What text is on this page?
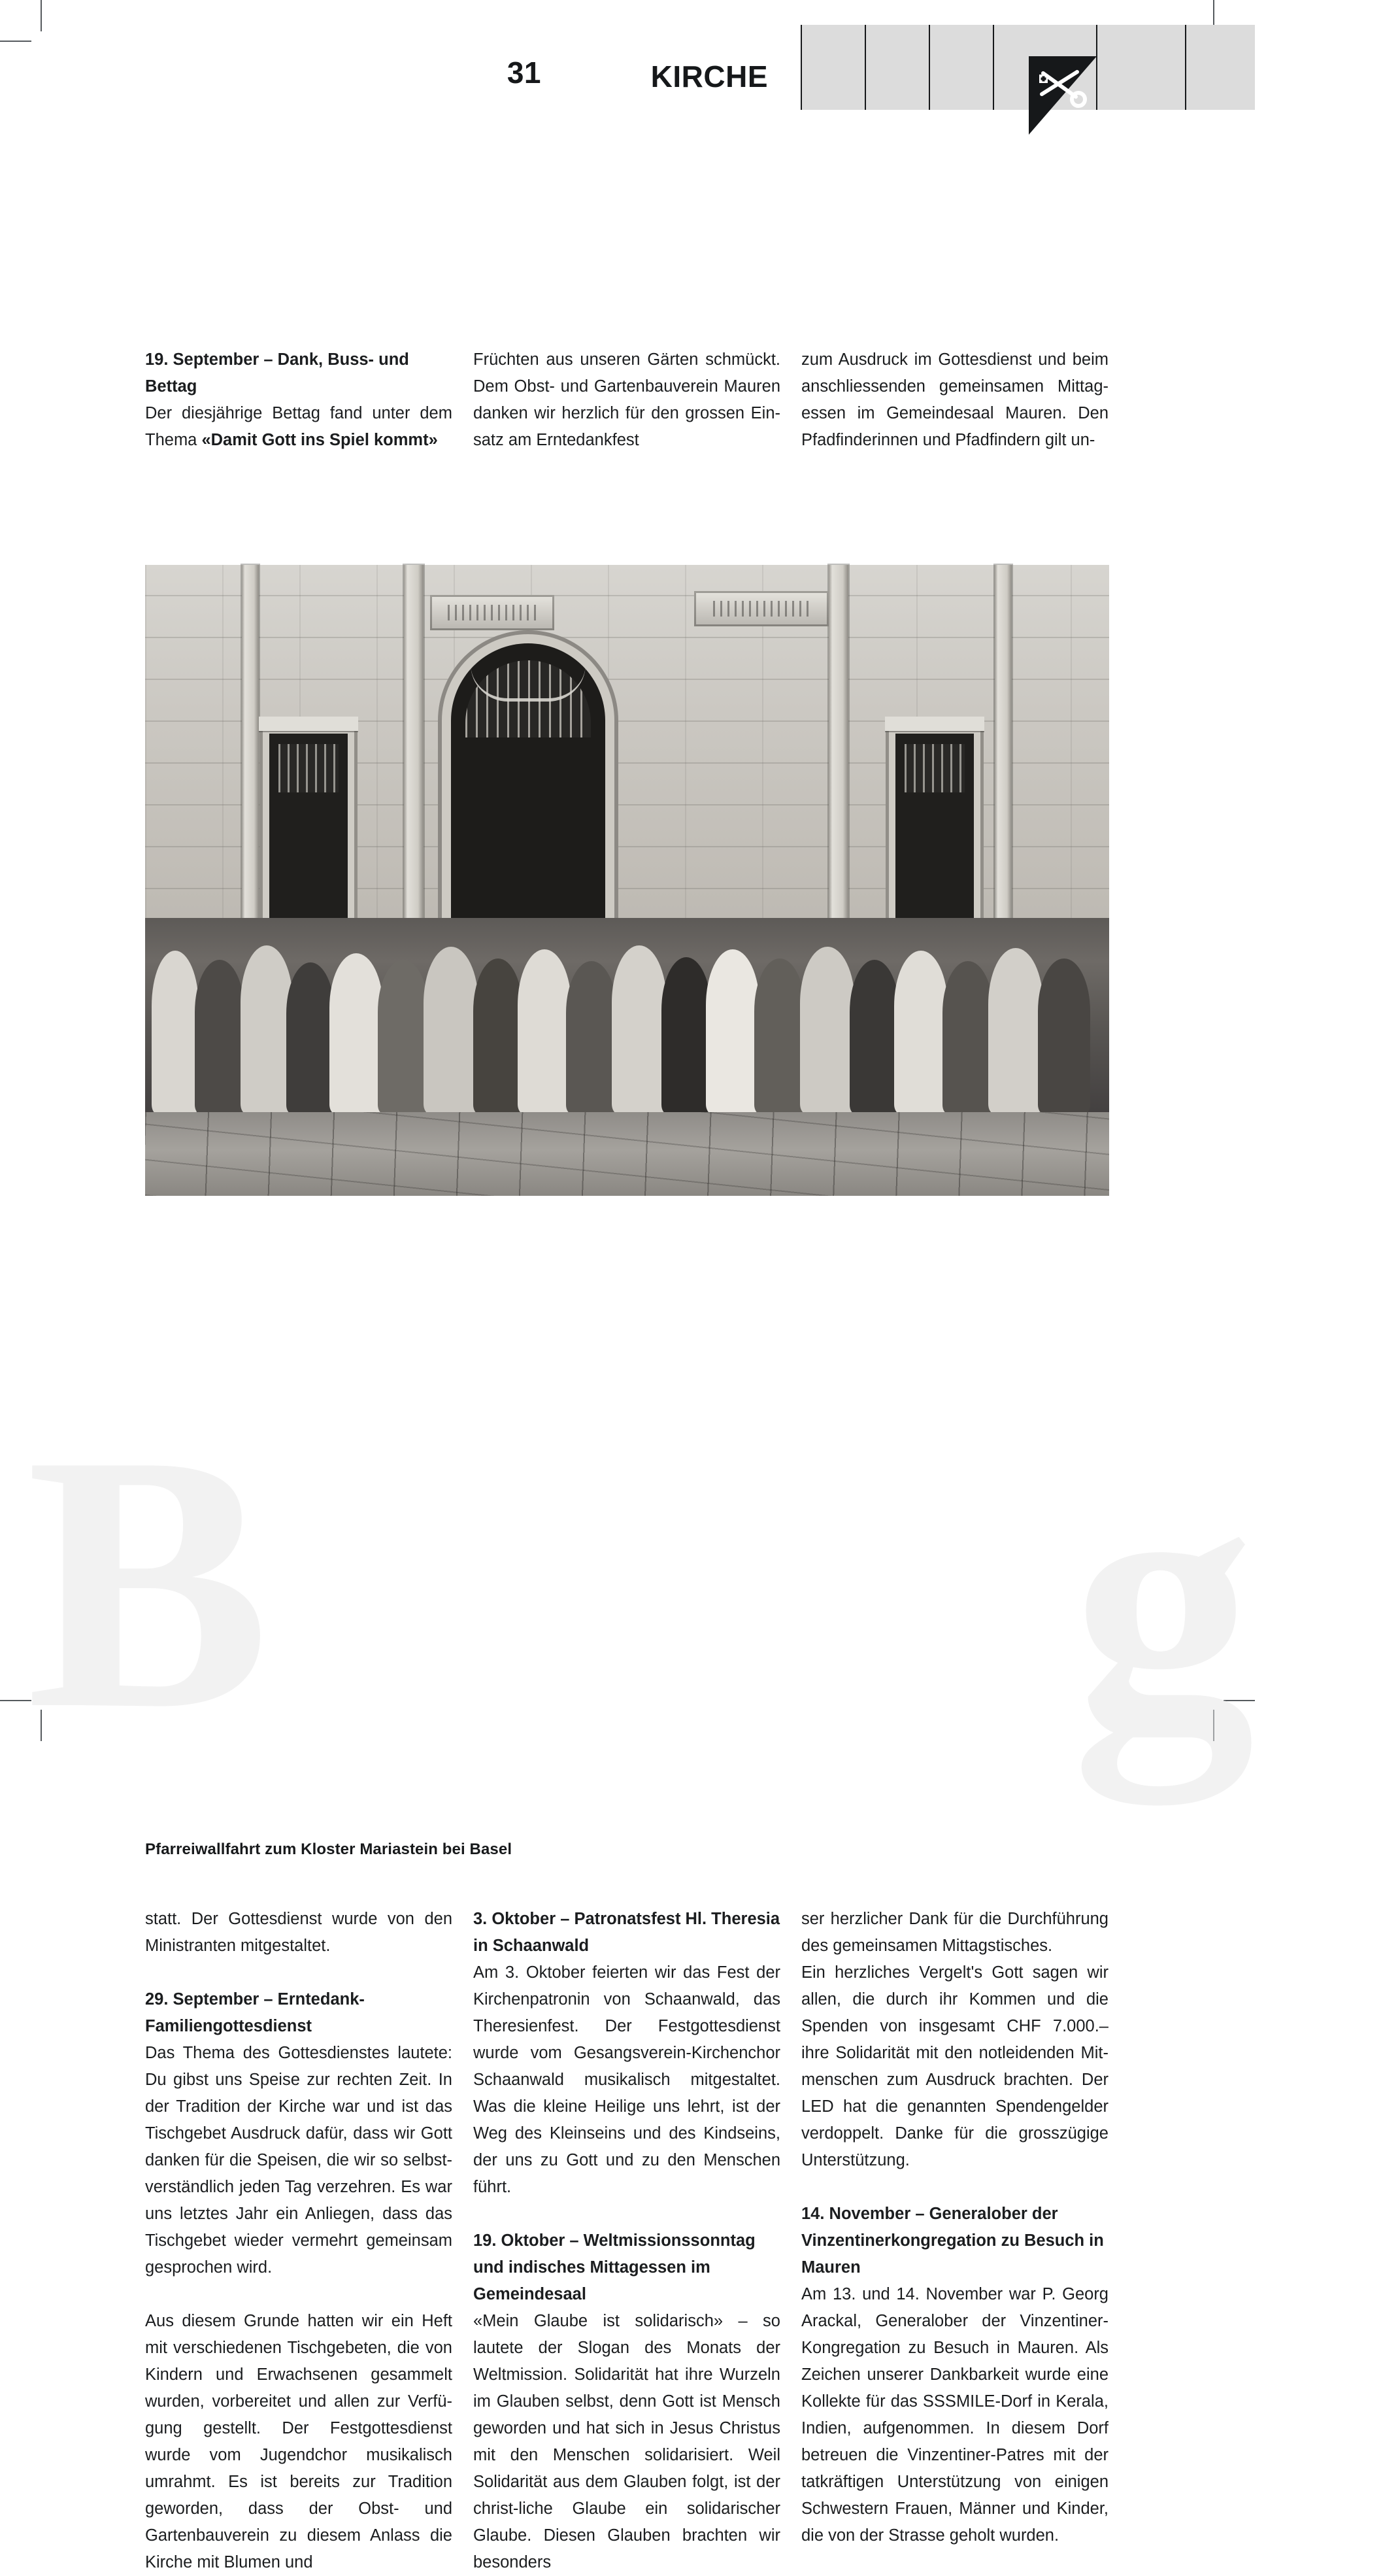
B g
KIRCHE
31
19. September – Dank, Buss- und Bettag

Der diesjährige Bettag fand unter dem Thema «Damit Gott ins Spiel kommt»

Früchten aus unseren Gärten schmückt. Dem Obst- und Gartenbauverein Mauren danken wir herzlich für den grossen Ein-satz am Erntedankfest

zum Ausdruck im Gottesdienst und beim anschliessenden gemeinsamen Mittag-essen im Gemeindesaal Mauren. Den Pfadfinderinnen und Pfadfindern gilt un-

Pfarreiwallfahrt zum Kloster Mariastein bei Basel

statt. Der Gottesdienst wurde von den Ministranten mitgestaltet.

29. September – Erntedank-Familiengottesdienst

Das Thema des Gottesdienstes lautete: Du gibst uns Speise zur rechten Zeit. In der Tradition der Kirche war und ist das Tischgebet Ausdruck dafür, dass wir Gott danken für die Speisen, die wir so selbst-verständlich jeden Tag verzehren. Es war uns letztes Jahr ein Anliegen, dass das Tischgebet wieder vermehrt gemeinsam gesprochen wird.

Aus diesem Grunde hatten wir ein Heft mit verschiedenen Tischgebeten, die von Kindern und Erwachsenen gesammelt wurden, vorbereitet und allen zur Verfü-gung gestellt. Der Festgottesdienst wurde vom Jugendchor musikalisch umrahmt. Es ist bereits zur Tradition geworden, dass der Obst- und Gartenbauverein zu diesem Anlass die Kirche mit Blumen und

3. Oktober – Patronatsfest Hl. Theresia in Schaanwald

Am 3. Oktober feierten wir das Fest der Kirchenpatronin von Schaanwald, das Theresienfest. Der Festgottesdienst wurde vom Gesangsverein-Kirchenchor Schaanwald musikalisch mitgestaltet. Was die kleine Heilige uns lehrt, ist der Weg des Kleinseins und des Kindseins, der uns zu Gott und zu den Menschen führt.

19. Oktober – Weltmissionssonntag und indisches Mittagessen im Gemeindesaal

«Mein Glaube ist solidarisch» – so lautete der Slogan des Monats der Weltmission. Solidarität hat ihre Wurzeln im Glauben selbst, denn Gott ist Mensch geworden und hat sich in Jesus Christus mit den Menschen solidarisiert. Weil Solidarität aus dem Glauben folgt, ist der christ-liche Glaube ein solidarischer Glaube. Diesen Glauben brachten wir besonders

ser herzlicher Dank für die Durchführung des gemeinsamen Mittagstisches.

Ein herzliches Vergelt's Gott sagen wir allen, die durch ihr Kommen und die Spenden von insgesamt CHF 7.000.– ihre Solidarität mit den notleidenden Mit-menschen zum Ausdruck brachten. Der LED hat die genannten Spendengelder verdoppelt. Danke für die grosszügige Unterstützung.

14. November – Generalober der Vinzentinerkongregation zu Besuch in Mauren

Am 13. und 14. November war P. Georg Arackal, Generalober der Vinzentiner-Kongregation zu Besuch in Mauren. Als Zeichen unserer Dankbarkeit wurde eine Kollekte für das SSSMILE-Dorf in Kerala, Indien, aufgenommen. In diesem Dorf betreuen die Vinzentiner-Patres mit der tatkräftigen Unterstützung von einigen Schwestern Frauen, Männer und Kinder, die von der Strasse geholt wurden.
